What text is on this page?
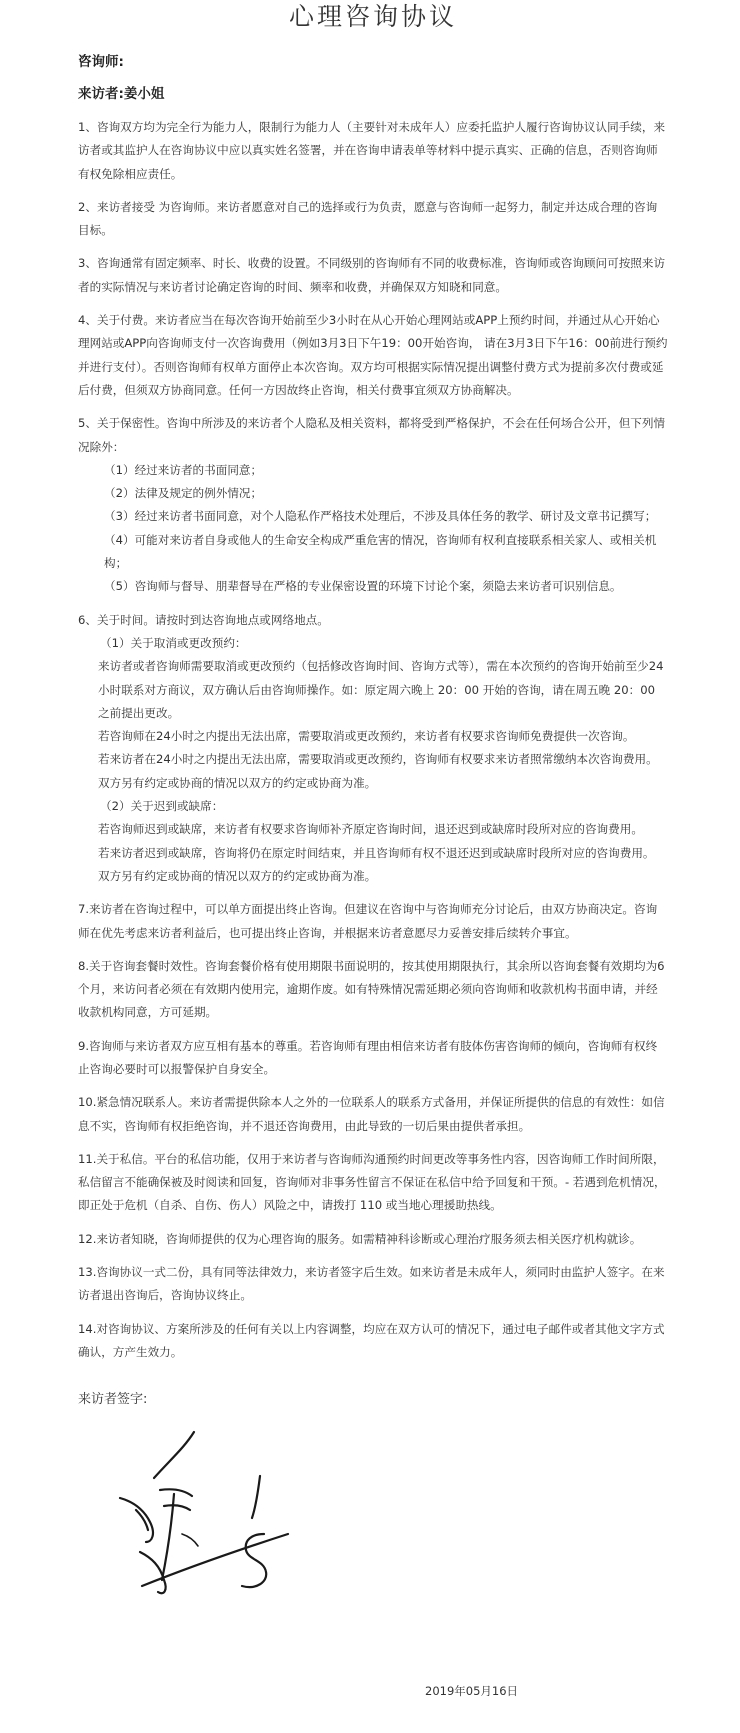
心理咨询协议

咨询师:

来访者:姜小姐

1、咨询双方均为完全行为能力人，限制行为能力人（主要针对未成年人）应委托监护人履行咨询协议认同手续，来访者或其监护人在咨询协议中应以真实姓名签署，并在咨询申请表单等材料中提示真实、正确的信息，否则咨询师有权免除相应责任。

2、来访者接受 为咨询师。来访者愿意对自己的选择或行为负责，愿意与咨询师一起努力，制定并达成合理的咨询目标。

3、咨询通常有固定频率、时长、收费的设置。不同级别的咨询师有不同的收费标准，咨询师或咨询顾问可按照来访者的实际情况与来访者讨论确定咨询的时间、频率和收费，并确保双方知晓和同意。

4、关于付费。来访者应当在每次咨询开始前至少3小时在从心开始心理网站或APP上预约时间，并通过从心开始心理网站或APP向咨询师支付一次咨询费用（例如3月3日下午19：00开始咨询， 请在3月3日下午16：00前进行预约并进行支付）。否则咨询师有权单方面停止本次咨询。双方均可根据实际情况提出调整付费方式为提前多次付费或延后付费，但须双方协商同意。任何一方因故终止咨询，相关付费事宜须双方协商解决。

5、关于保密性。咨询中所涉及的来访者个人隐私及相关资料，都将受到严格保护，不会在任何场合公开，但下列情况除外：

（1）经过来访者的书面同意；

（2）法律及规定的例外情况；

（3）经过来访者书面同意，对个人隐私作严格技术处理后，不涉及具体任务的教学、研讨及文章书记撰写；

（4）可能对来访者自身或他人的生命安全构成严重危害的情况，咨询师有权利直接联系相关家人、或相关机构；

（5）咨询师与督导、朋辈督导在严格的专业保密设置的环境下讨论个案，须隐去来访者可识别信息。

6、关于时间。请按时到达咨询地点或网络地点。

（1）关于取消或更改预约：

来访者或者咨询师需要取消或更改预约（包括修改咨询时间、咨询方式等），需在本次预约的咨询开始前至少24小时联系对方商议，双方确认后由咨询师操作。如：原定周六晚上 20：00 开始的咨询，请在周五晚 20：00 之前提出更改。

若咨询师在24小时之内提出无法出席，需要取消或更改预约，来访者有权要求咨询师免费提供一次咨询。

若来访者在24小时之内提出无法出席，需要取消或更改预约，咨询师有权要求来访者照常缴纳本次咨询费用。

双方另有约定或协商的情况以双方的约定或协商为准。

（2）关于迟到或缺席：

若咨询师迟到或缺席，来访者有权要求咨询师补齐原定咨询时间，退还迟到或缺席时段所对应的咨询费用。

若来访者迟到或缺席，咨询将仍在原定时间结束，并且咨询师有权不退还迟到或缺席时段所对应的咨询费用。

双方另有约定或协商的情况以双方的约定或协商为准。

7.来访者在咨询过程中，可以单方面提出终止咨询。但建议在咨询中与咨询师充分讨论后，由双方协商决定。咨询师在优先考虑来访者利益后，也可提出终止咨询，并根据来访者意愿尽力妥善安排后续转介事宜。

8.关于咨询套餐时效性。咨询套餐价格有使用期限书面说明的，按其使用期限执行，其余所以咨询套餐有效期均为6个月，来访问者必须在有效期内使用完，逾期作废。如有特殊情况需延期必须向咨询师和收款机构书面申请，并经收款机构同意，方可延期。

9.咨询师与来访者双方应互相有基本的尊重。若咨询师有理由相信来访者有肢体伤害咨询师的倾向，咨询师有权终止咨询必要时可以报警保护自身安全。

10.紧急情况联系人。来访者需提供除本人之外的一位联系人的联系方式备用，并保证所提供的信息的有效性：如信息不实，咨询师有权拒绝咨询，并不退还咨询费用，由此导致的一切后果由提供者承担。

11.关于私信。平台的私信功能，仅用于来访者与咨询师沟通预约时间更改等事务性内容，因咨询师工作时间所限，私信留言不能确保被及时阅读和回复，咨询师对非事务性留言不保证在私信中给予回复和干预。- 若遇到危机情况，即正处于危机（自杀、自伤、伤人）风险之中，请拨打 110 或当地心理援助热线。

12.来访者知晓，咨询师提供的仅为心理咨询的服务。如需精神科诊断或心理治疗服务须去相关医疗机构就诊。

13.咨询协议一式二份，具有同等法律效力，来访者签字后生效。如来访者是未成年人，须同时由监护人签字。在来访者退出咨询后，咨询协议终止。

14.对咨询协议、方案所涉及的任何有关以上内容调整，均应在双方认可的情况下，通过电子邮件或者其他文字方式确认，方产生效力。

来访者签字:

2019年05月16日
